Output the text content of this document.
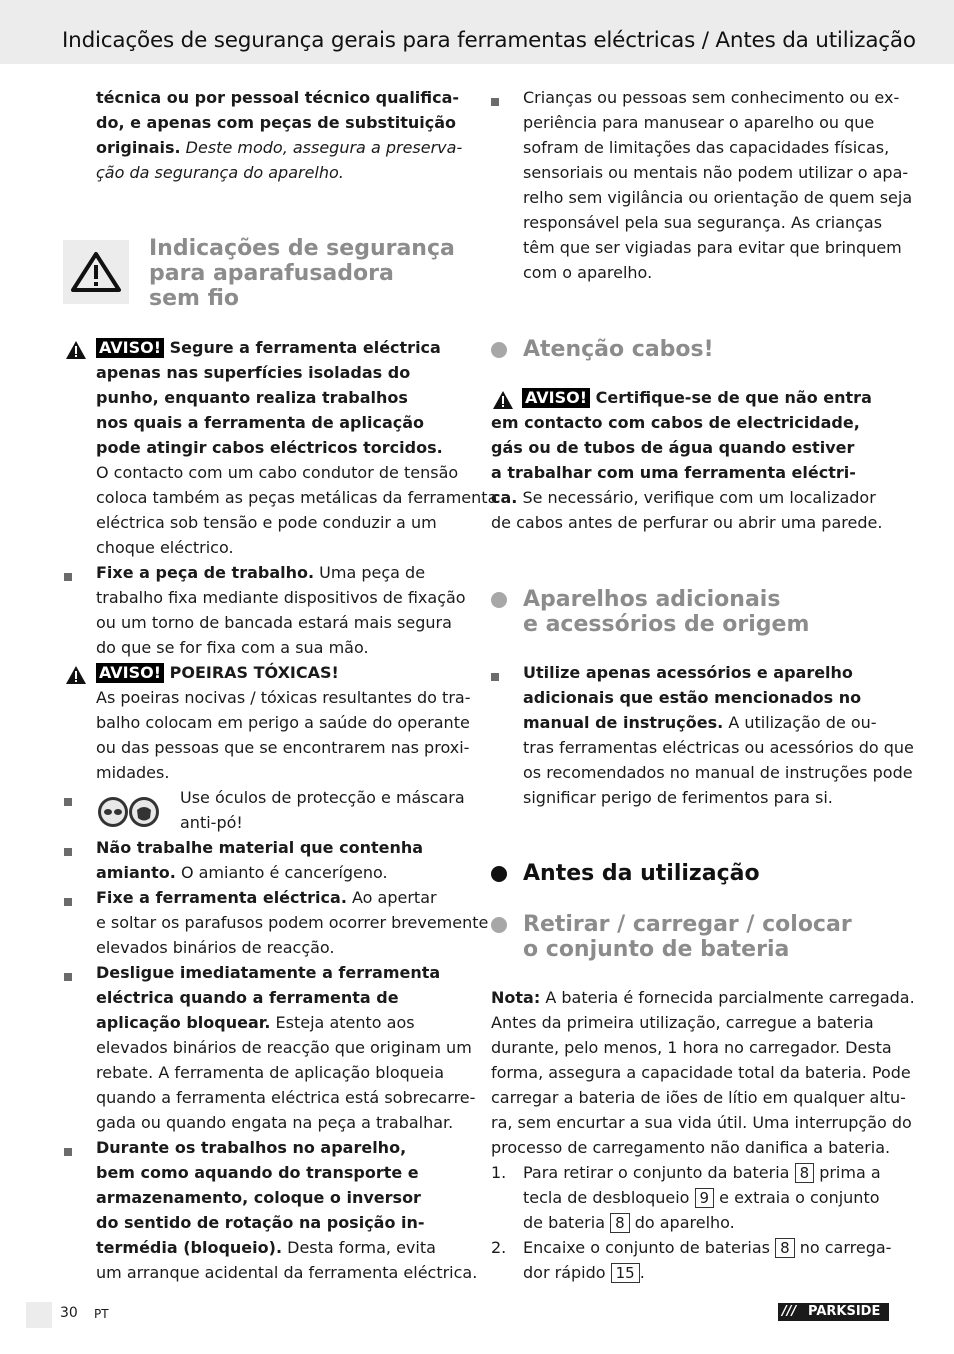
Indicações de segurança gerais para ferramentas eléctricas / Antes da utilização
técnica ou por pessoal técnico qualifica-
do, e apenas com peças de substituição
originais. Deste modo, assegura a preserva-
ção da segurança do aparelho.
Indicações de segurança
para aparafusadora
sem fio
AVISO! Segure a ferramenta eléctrica
apenas nas superfícies isoladas do
punho, enquanto realiza trabalhos
nos quais a ferramenta de aplicação
pode atingir cabos eléctricos torcidos.
O contacto com um cabo condutor de tensão
coloca também as peças metálicas da ferramenta
eléctrica sob tensão e pode conduzir a um
choque eléctrico.
Fixe a peça de trabalho. Uma peça de
trabalho fixa mediante dispositivos de fixação
ou um torno de bancada estará mais segura
do que se for fixa com a sua mão.
AVISO! POEIRAS TÓXICAS!
As poeiras nocivas / tóxicas resultantes do tra-
balho colocam em perigo a saúde do operante
ou das pessoas que se encontrarem nas proxi-
midades.
Use óculos de protecção e máscara
anti-pó!
Não trabalhe material que contenha
amianto. O amianto é cancerígeno.
Fixe a ferramenta eléctrica. Ao apertar
e soltar os parafusos podem ocorrer brevemente
elevados binários de reacção.
Desligue imediatamente a ferramenta
eléctrica quando a ferramenta de
aplicação bloquear. Esteja atento aos
elevados binários de reacção que originam um
rebate. A ferramenta de aplicação bloqueia
quando a ferramenta eléctrica está sobrecarre-
gada ou quando engata na peça a trabalhar.
Durante os trabalhos no aparelho,
bem como aquando do transporte e
armazenamento, coloque o inversor
do sentido de rotação na posição in-
termédia (bloqueio). Desta forma, evita
um arranque acidental da ferramenta eléctrica.
Crianças ou pessoas sem conhecimento ou ex-
periência para manusear o aparelho ou que
sofram de limitações das capacidades físicas,
sensoriais ou mentais não podem utilizar o apa-
relho sem vigilância ou orientação de quem seja
responsável pela sua segurança. As crianças
têm que ser vigiadas para evitar que brinquem
com o aparelho.
Atenção cabos!
AVISO! Certifique-se de que não entra
em contacto com cabos de electricidade,
gás ou de tubos de água quando estiver
a trabalhar com uma ferramenta eléctri-
ca. Se necessário, verifique com um localizador
de cabos antes de perfurar ou abrir uma parede.
Aparelhos adicionais
e acessórios de origem
Utilize apenas acessórios e aparelho
adicionais que estão mencionados no
manual de instruções. A utilização de ou-
tras ferramentas eléctricas ou acessórios do que
os recomendados no manual de instruções pode
significar perigo de ferimentos para si.
Antes da utilização
Retirar / carregar / colocar
o conjunto de bateria
Nota: A bateria é fornecida parcialmente carregada.
Antes da primeira utilização, carregue a bateria
durante, pelo menos, 1 hora no carregador. Desta
forma, assegura a capacidade total da bateria. Pode
carregar a bateria de iões de lítio em qualquer altu-
ra, sem encurtar a sua vida útil. Uma interrupção do
processo de carregamento não danifica a bateria.
1. Para retirar o conjunto da bateria 8 prima a
tecla de desbloqueio 9 e extraia o conjunto
de bateria 8 do aparelho.
2. Encaixe o conjunto de baterias 8 no carrega-
dor rápido 15 .
30 PT	/// PARKSIDE
